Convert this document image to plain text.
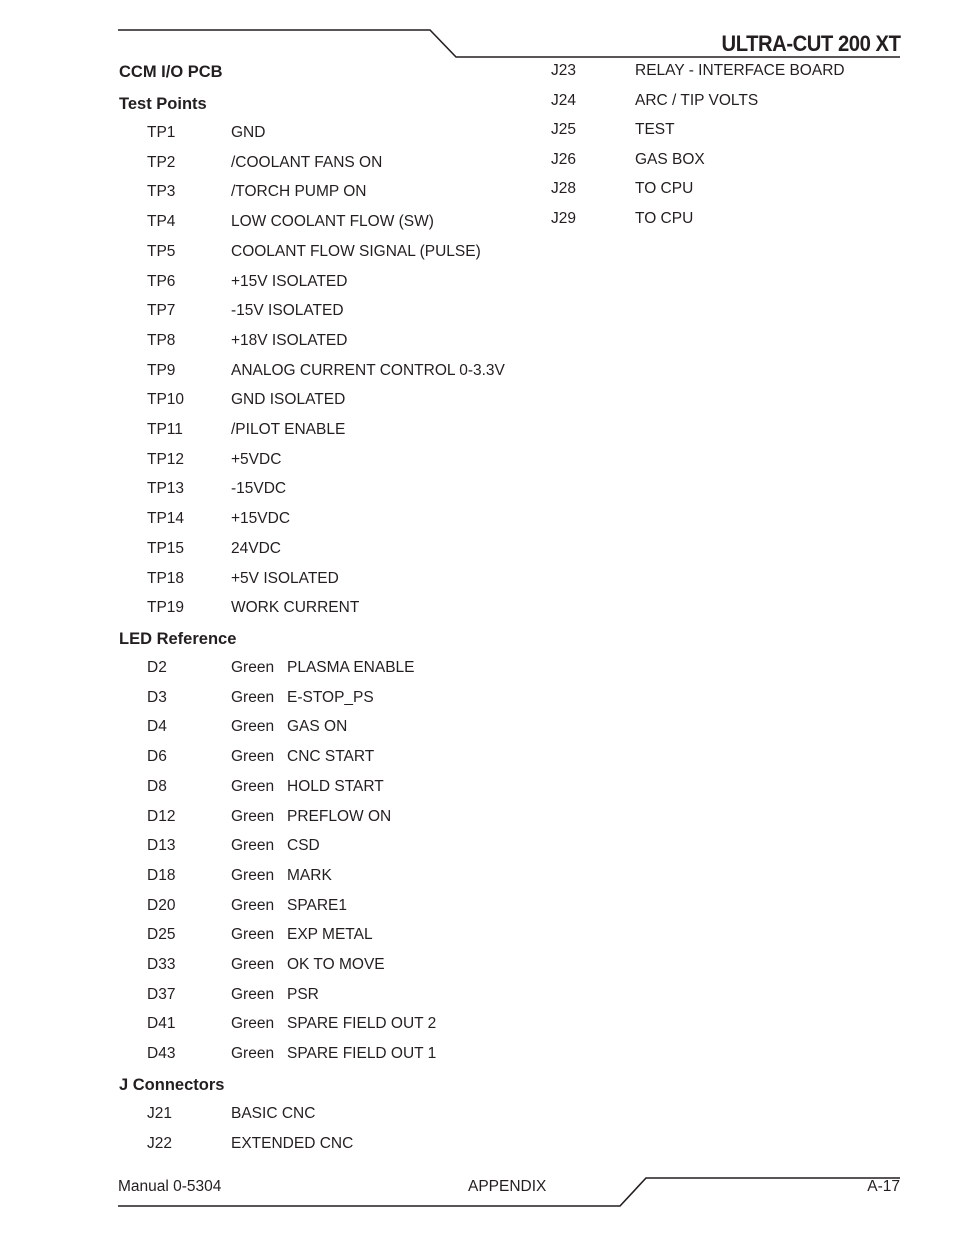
ULTRA-CUT 200 XT
CCM I/O PCB
Test Points
LED Reference
J Connectors
TP1	GND
TP2	/COOLANT FANS ON
TP3	/TORCH PUMP ON
TP4	LOW COOLANT FLOW (SW)
TP5	COOLANT FLOW SIGNAL (PULSE)
TP6	+15V ISOLATED
TP7	-15V ISOLATED
TP8	+18V ISOLATED
TP9	ANALOG CURRENT CONTROL 0-3.3V
TP10	GND ISOLATED
TP11	/PILOT ENABLE
TP12	+5VDC
TP13	-15VDC
TP14	+15VDC
TP15	24VDC
TP18	+5V ISOLATED
TP19	WORK CURRENT
D2	Green PLASMA ENABLE
D3	Green E-STOP_PS
D4	Green GAS ON
D6	Green CNC START
D8	Green HOLD START
D12	Green PREFLOW ON
D13	Green CSD
D18	Green MARK
D20	Green SPARE1
D25	Green EXP METAL
D33	Green OK TO MOVE
D37	Green PSR
D41	Green SPARE FIELD OUT 2
D43	Green SPARE FIELD OUT 1
J21	BASIC CNC
J22	EXTENDED CNC
J23	RELAY - INTERFACE BOARD
J24	ARC / TIP VOLTS
J25	TEST
J26	GAS BOX
J28	TO CPU
J29	TO CPU
Manual 0-5304	APPENDIX	A-17
